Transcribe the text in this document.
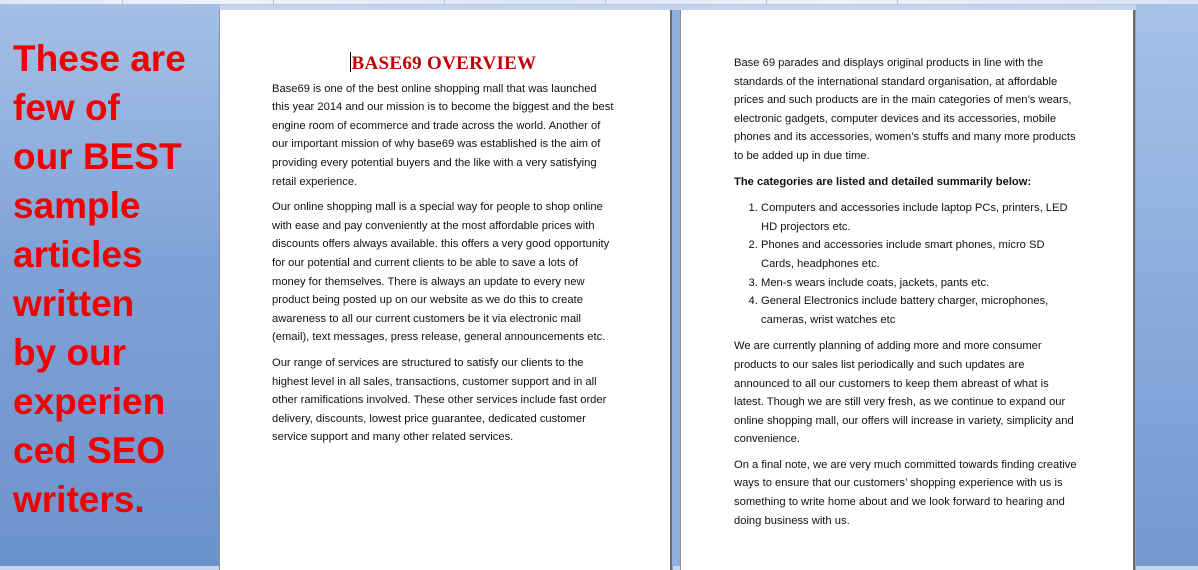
These are
few of
our BEST
sample
articles
written
by our
experien
ced SEO
writers.

BASE69 OVERVIEW

Base69 is one of the best online shopping mall that was launched this year 2014 and our mission is to become the biggest and the best engine room of ecommerce and trade across the world. Another of our important mission of why base69 was established is the aim of providing every potential buyers and the like with a very satisfying retail experience.

Our online shopping mall is a special way for people to shop online with ease and pay conveniently at the most affordable prices with discounts offers always available. this offers a very good opportunity for our potential and current clients to be able to save a lots of money for themselves. There is always an update to every new product being posted up on our website as we do this to create awareness to all our current customers be it via electronic mail (email), text messages, press release, general announcements etc.

Our range of services are structured to satisfy our clients to the highest level in all sales, transactions, customer support and in all other ramifications involved. These other services include fast order delivery, discounts, lowest price guarantee, dedicated customer service support and many other related services.

Base 69 parades and displays original products in line with the standards of the international standard organisation, at affordable prices and such products are in the main categories of men’s wears, electronic gadgets, computer devices and its accessories, mobile phones and its accessories, women’s stuffs and many more products to be added up in due time.

The categories are listed and detailed summarily below:

1. Computers and accessories include laptop PCs, printers, LED HD projectors etc.
2. Phones and accessories include smart phones, micro SD Cards, headphones etc.
3. Men-s wears include coats, jackets, pants etc.
4. General Electronics include battery charger, microphones, cameras, wrist watches etc

We are currently planning of adding more and more consumer products to our sales list periodically and such updates are announced to all our customers to keep them abreast of what is latest. Though we are still very fresh, as we continue to expand our online shopping mall, our offers will increase in variety, simplicity and convenience.

On a final note, we are very much committed towards finding creative ways to ensure that our customers’ shopping experience with us is something to write home about and we look forward to hearing and doing business with us.
